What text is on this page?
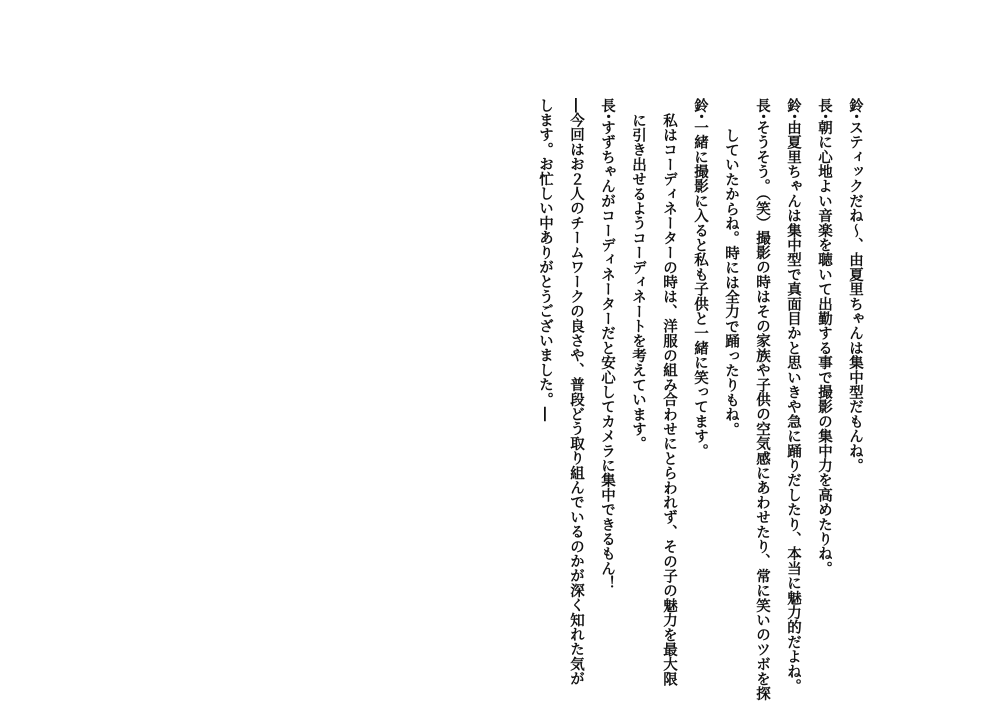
鈴･スティックだね～、由夏里ちゃんは集中型だもんね。
長･朝に心地よい音楽を聴いて出勤する事で撮影の集中力を高めたりね。
鈴･由夏里ちゃんは集中型で真面目かと思いきや急に踊りだしたり、本当に魅力的だよね。
長･そうそう。（笑）撮影の時はその家族や子供の空気感にあわせたり、常に笑いのツボを探
していたからね。時には全力で踊ったりもね。
鈴･一緒に撮影に入ると私も子供と一緒に笑ってます。
私はコーディネーターの時は、洋服の組み合わせにとらわれず、その子の魅力を最大限
に引き出せるようコーディネートを考えています。
長･すずちゃんがコーディネーターだと安心してカメラに集中できるもん！
―今回はお２人のチームワークの良さや、普段どう取り組んでいるのかが深く知れた気が
します。お忙しい中ありがとうございました。―
